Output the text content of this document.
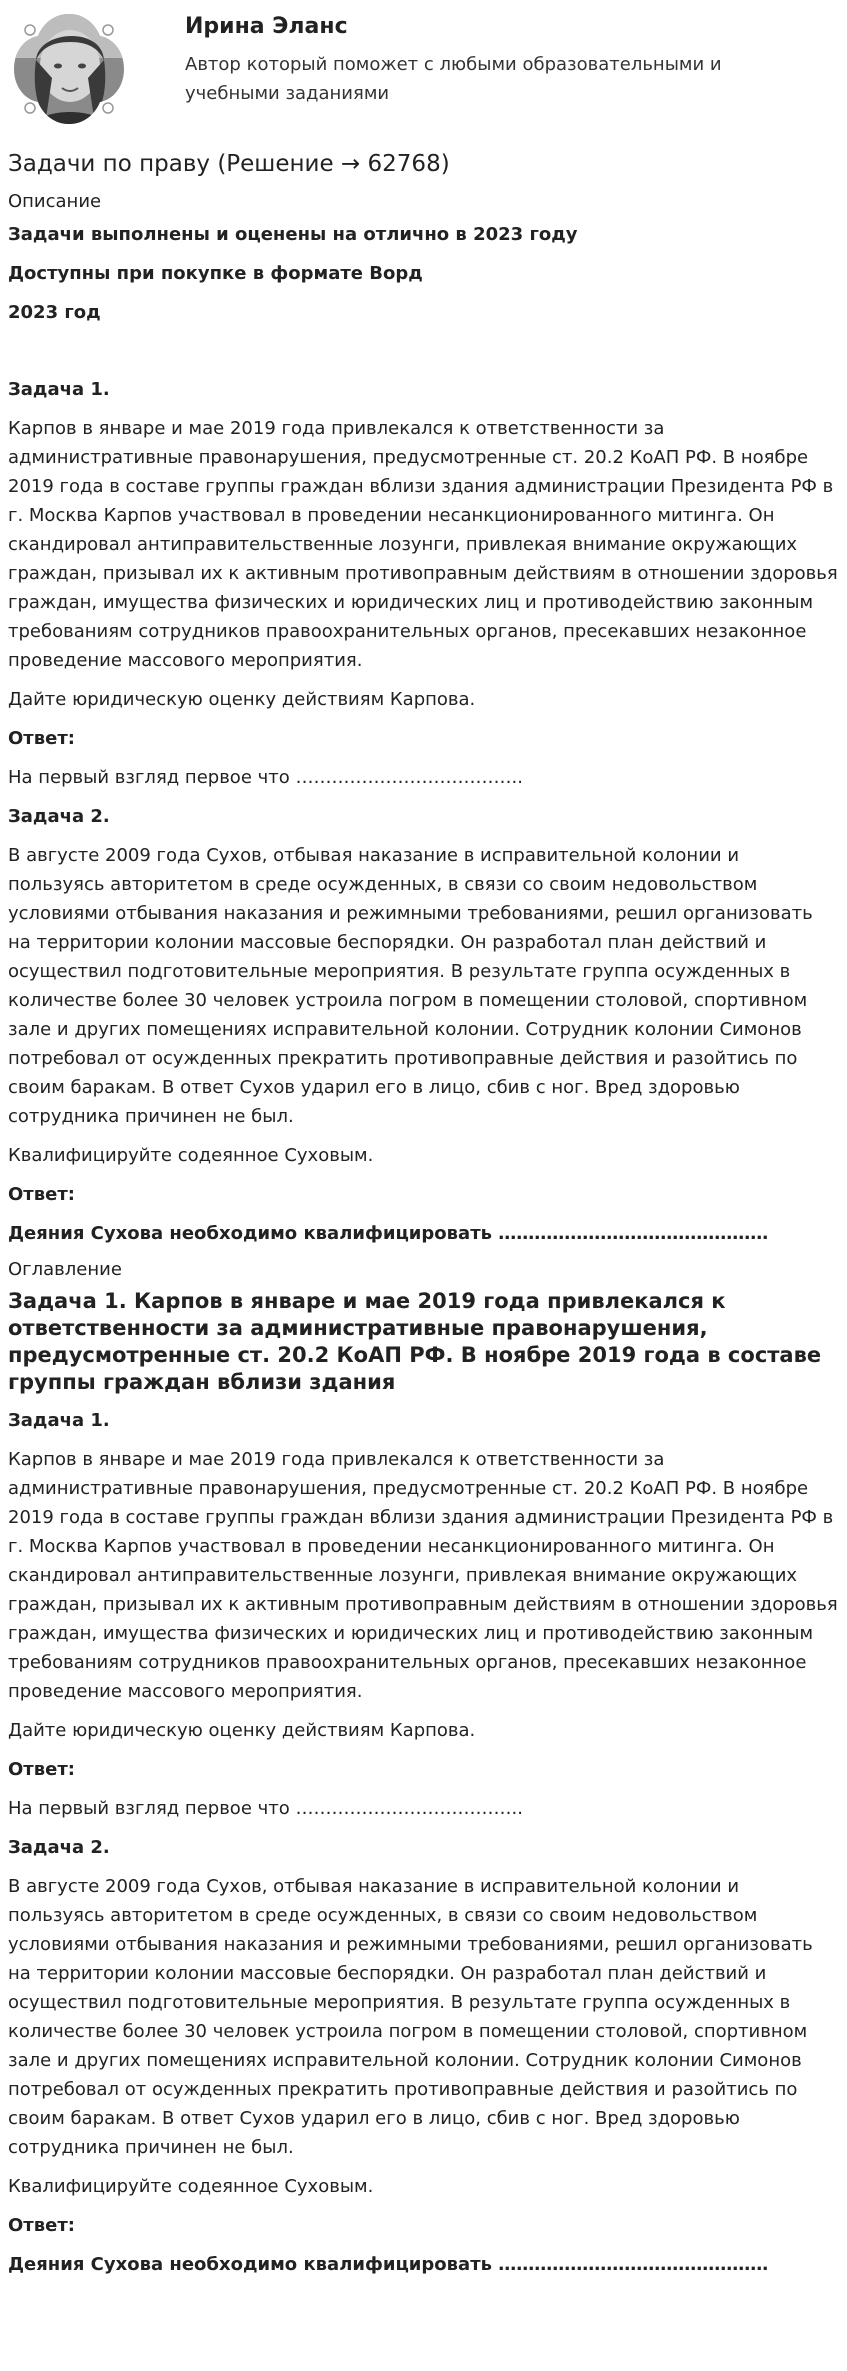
Ирина Эланс
Автор который поможет с любыми образовательными и учебными заданиями
Задачи по праву (Решение → 62768)
Описание

Задачи выполнены и оценены на отлично в 2023 году

Доступны при покупке в формате Ворд

2023 год

Задача 1.

Карпов в январе и мае 2019 года привлекался к ответственности за административные правонарушения, предусмотренные ст. 20.2 КоАП РФ. В ноябре 2019 года в составе группы граждан вблизи здания администрации Президента РФ в г. Москва Карпов участвовал в проведении несанкционированного митинга. Он скандировал антиправительственные лозунги, привлекая внимание окружающих граждан, призывал их к активным противоправным действиям в отношении здоровья граждан, имущества физических и юридических лиц и противодействию законным требованиям сотрудников правоохранительных органов, пресекавших незаконное проведение массового мероприятия.

Дайте юридическую оценку действиям Карпова.

Ответ:

На первый взгляд первое что ………………………………..

Задача 2.

В августе 2009 года Сухов, отбывая наказание в исправительной колонии и пользуясь авторитетом в среде осужденных, в связи со своим недовольством условиями отбывания наказания и режимными требованиями, решил организовать на территории колонии массовые беспорядки. Он разработал план действий и осуществил подготовительные мероприятия. В результате группа осужденных в количестве более 30 человек устроила погром в помещении столовой, спортивном зале и других помещениях исправительной колонии. Сотрудник колонии Симонов потребовал от осужденных прекратить противоправные действия и разойтись по своим баракам. В ответ Сухов ударил его в лицо, сбив с ног. Вред здоровью сотрудника причинен не был.

Квалифицируйте содеянное Суховым.

Ответ:

Деяния Сухова необходимо квалифицировать ………………………………………

Оглавление
Задача 1. Карпов в январе и мае 2019 года привлекался к ответственности за административные правонарушения, предусмотренные ст. 20.2 КоАП РФ. В ноябре 2019 года в составе группы граждан вблизи здания

Задача 1.

Карпов в январе и мае 2019 года привлекался к ответственности за административные правонарушения, предусмотренные ст. 20.2 КоАП РФ. В ноябре 2019 года в составе группы граждан вблизи здания администрации Президента РФ в г. Москва Карпов участвовал в проведении несанкционированного митинга. Он скандировал антиправительственные лозунги, привлекая внимание окружающих граждан, призывал их к активным противоправным действиям в отношении здоровья граждан, имущества физических и юридических лиц и противодействию законным требованиям сотрудников правоохранительных органов, пресекавших незаконное проведение массового мероприятия.

Дайте юридическую оценку действиям Карпова.

Ответ:

На первый взгляд первое что ………………………………..

Задача 2.

В августе 2009 года Сухов, отбывая наказание в исправительной колонии и пользуясь авторитетом в среде осужденных, в связи со своим недовольством условиями отбывания наказания и режимными требованиями, решил организовать на территории колонии массовые беспорядки. Он разработал план действий и осуществил подготовительные мероприятия. В результате группа осужденных в количестве более 30 человек устроила погром в помещении столовой, спортивном зале и других помещениях исправительной колонии. Сотрудник колонии Симонов потребовал от осужденных прекратить противоправные действия и разойтись по своим баракам. В ответ Сухов ударил его в лицо, сбив с ног. Вред здоровью сотрудника причинен не был.

Квалифицируйте содеянное Суховым.

Ответ:

Деяния Сухова необходимо квалифицировать ………………………………………
